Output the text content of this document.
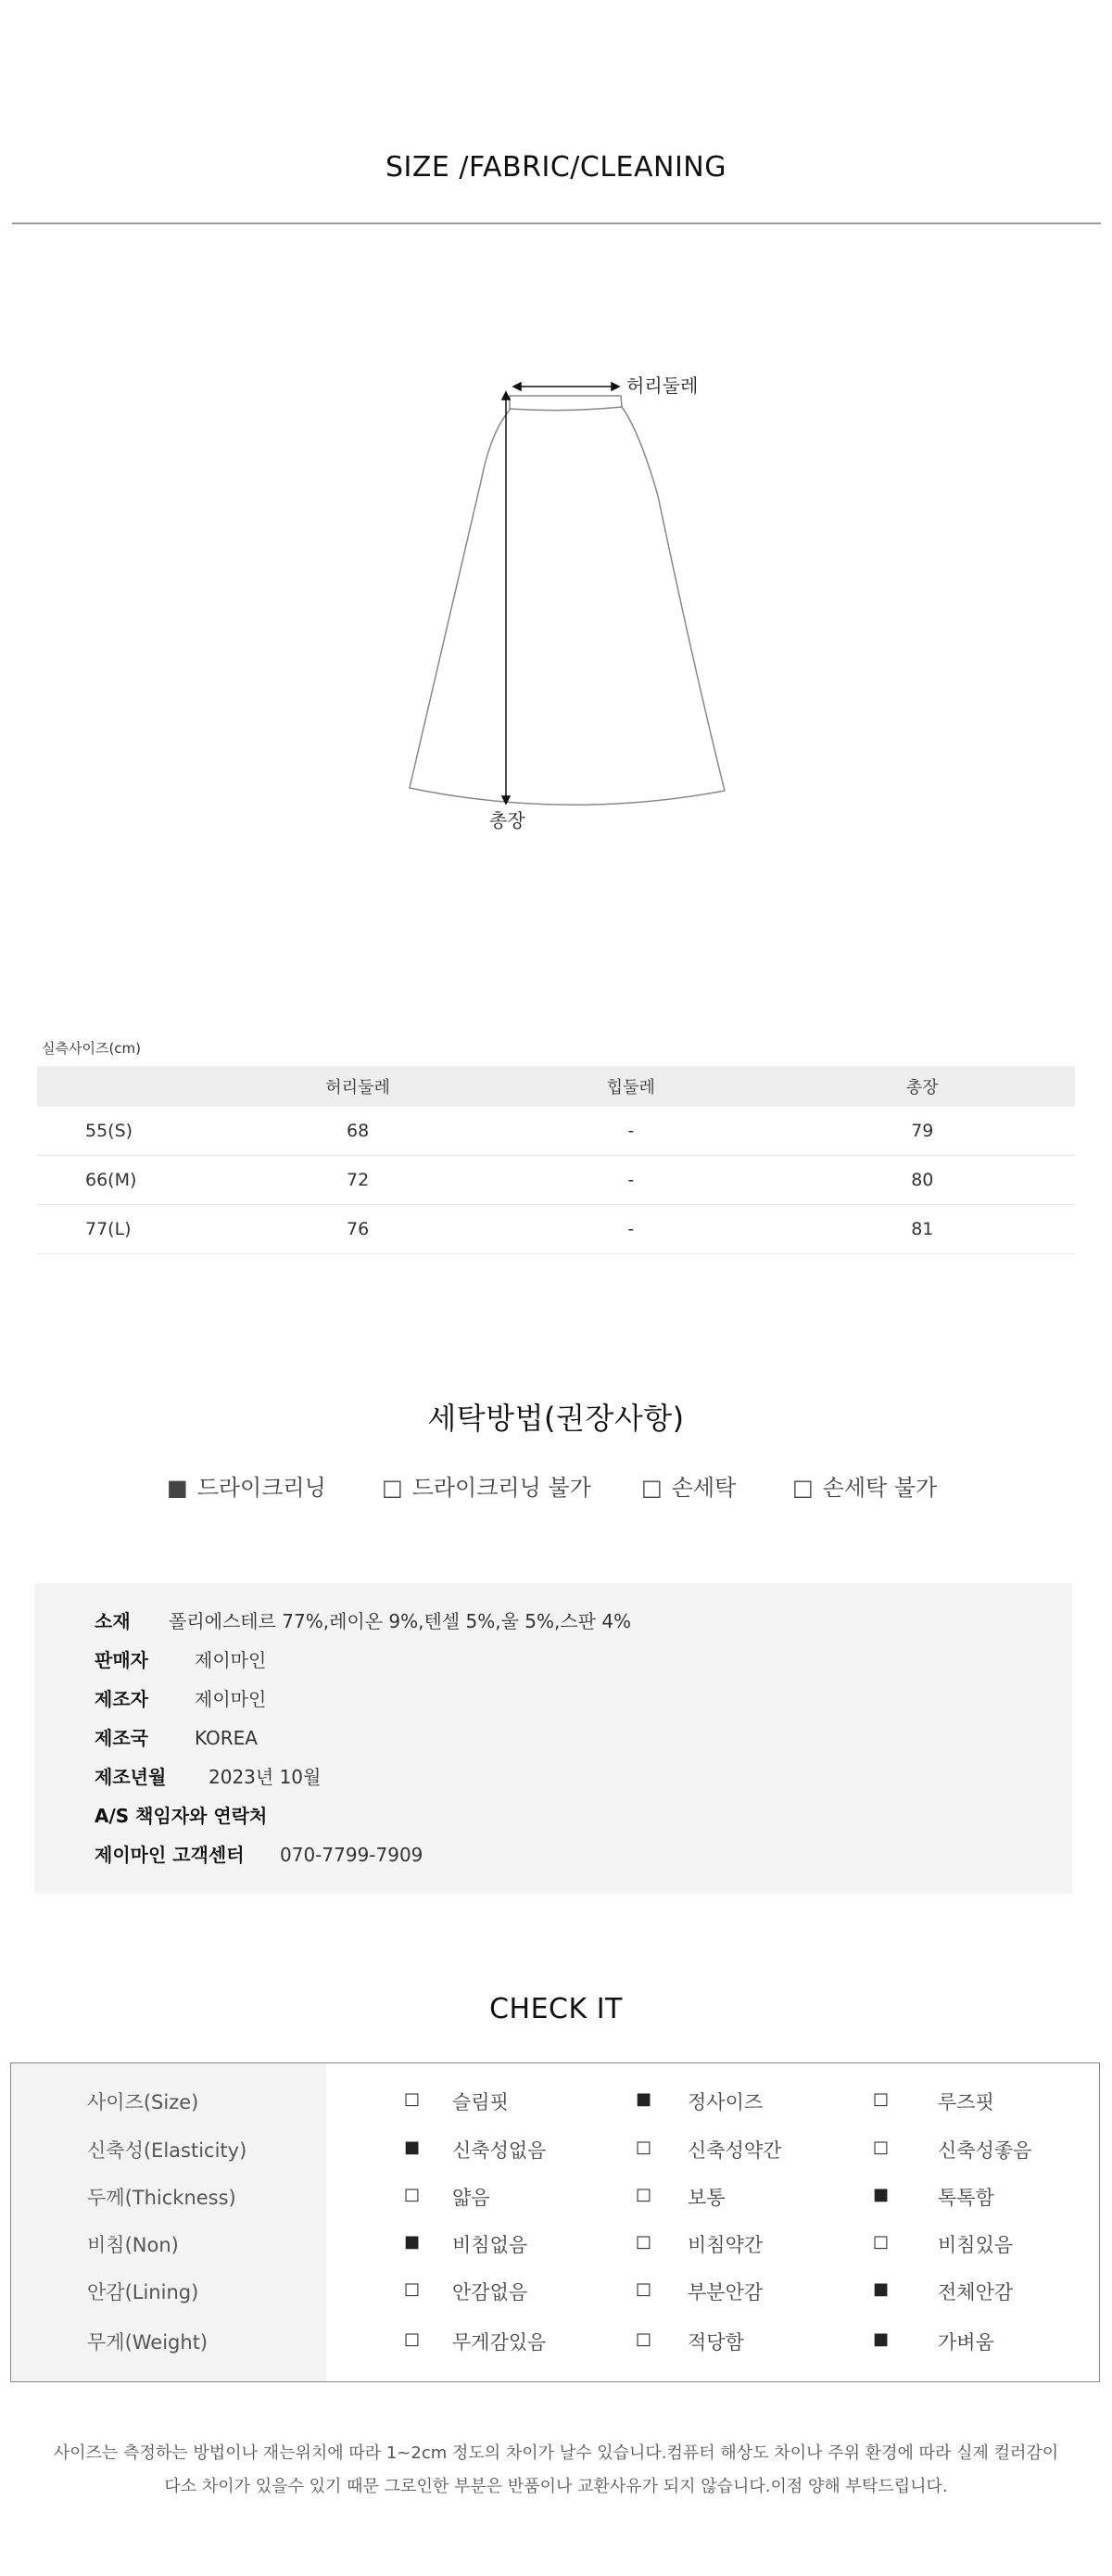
SIZE /FABRIC/CLEANING
허리둘레
총장
실측사이즈(cm)
	허리둘레	힙둘레	총장
55(S)	68	-	79
66(M)	72	-	80
77(L)	76	-	81
세탁방법(권장사항)
■ 드라이크리닝	□ 드라이크리닝 불가 □ 손세탁	□ 손세탁 불가
소재 폴리에스테르 77%,레이온 9%,텐셀 5%,울 5%,스판 4%
판매자	제이마인
제조자	제이마인
제조국	KOREA
제조년월 2023년 10월
A/S 책임자와 연락처
제이마인 고객센터 070-7799-7909
CHECK IT
사이즈(Size)	□ 슬림핏	■ 정사이즈	□	루즈핏
신축성(Elasticity)	■ 신축성없음	□ 신축성약간	□	신축성좋음
두께(Thickness)	□ 얇음	□ 보통	■	톡톡함
비침(Non)	■ 비침없음	□ 비침약간	□	비침있음
안감(Lining)	□ 안감없음	□ 부분안감	■	전체안감
무게(Weight)	□ 무게감있음	□ 적당함	■	가벼움
사이즈는 측정하는 방법이나 재는위치에 따라 1~2cm 정도의 차이가 날수 있습니다.컴퓨터 해상도 차이나 주위 환경에 따라 실제 컬러감이
다소 차이가 있을수 있기 때문 그로인한 부분은 반품이나 교환사유가 되지 않습니다.이점 양해 부탁드립니다.
